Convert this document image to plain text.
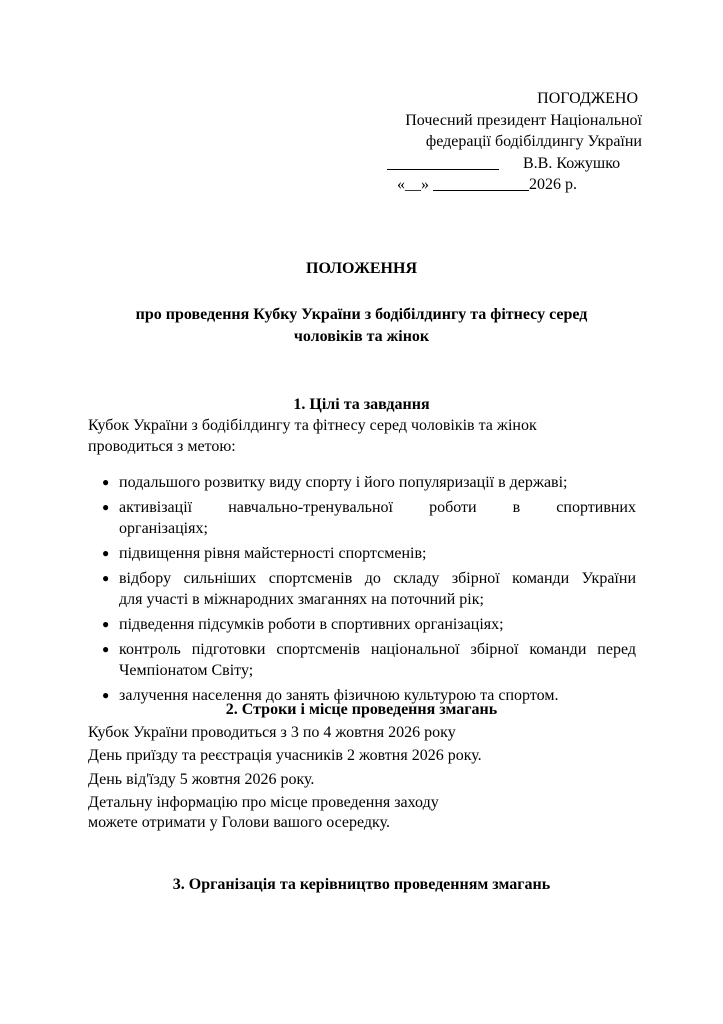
ПОГОДЖЕНО
Почесний президент Національної
федерації бодібілдингу України
В.В. Кожушко
«__»	2026 р.
ПОЛОЖЕННЯ
про проведення Кубку України з бодібілдингу та фітнесу серед
чоловіків та жінок
1. Цілі та завдання
Кубок України з бодібілдингу та фітнесу серед чоловіків та жінок
проводиться з метою:
● подальшого розвитку виду спорту і його популяризації в державі;
● активізації навчально-тренувальної роботи в спортивних
організаціях;
● підвищення рівня майстерності спортсменів;
● відбору сильніших спортсменів до складу збірної команди України
для участі в міжнародних змаганнях на поточний рік;
● підведення підсумків роботи в спортивних організаціях;
● контроль підготовки спортсменів національної збірної команди перед
Чемпіонатом Світу;
● залучення населення до занять фізичною культурою та спортом.
2. Строки і місце проведення змагань
Кубок України проводиться з 3 по 4 жовтня 2026 року
День приїзду та реєстрація учасників 2 жовтня 2026 року.
День від'їзду 5 жовтня 2026 року.
Детальну інформацію про місце проведення заходу
можете отримати у Голови вашого осередку.
3. Організація та керівництво проведенням змагань
